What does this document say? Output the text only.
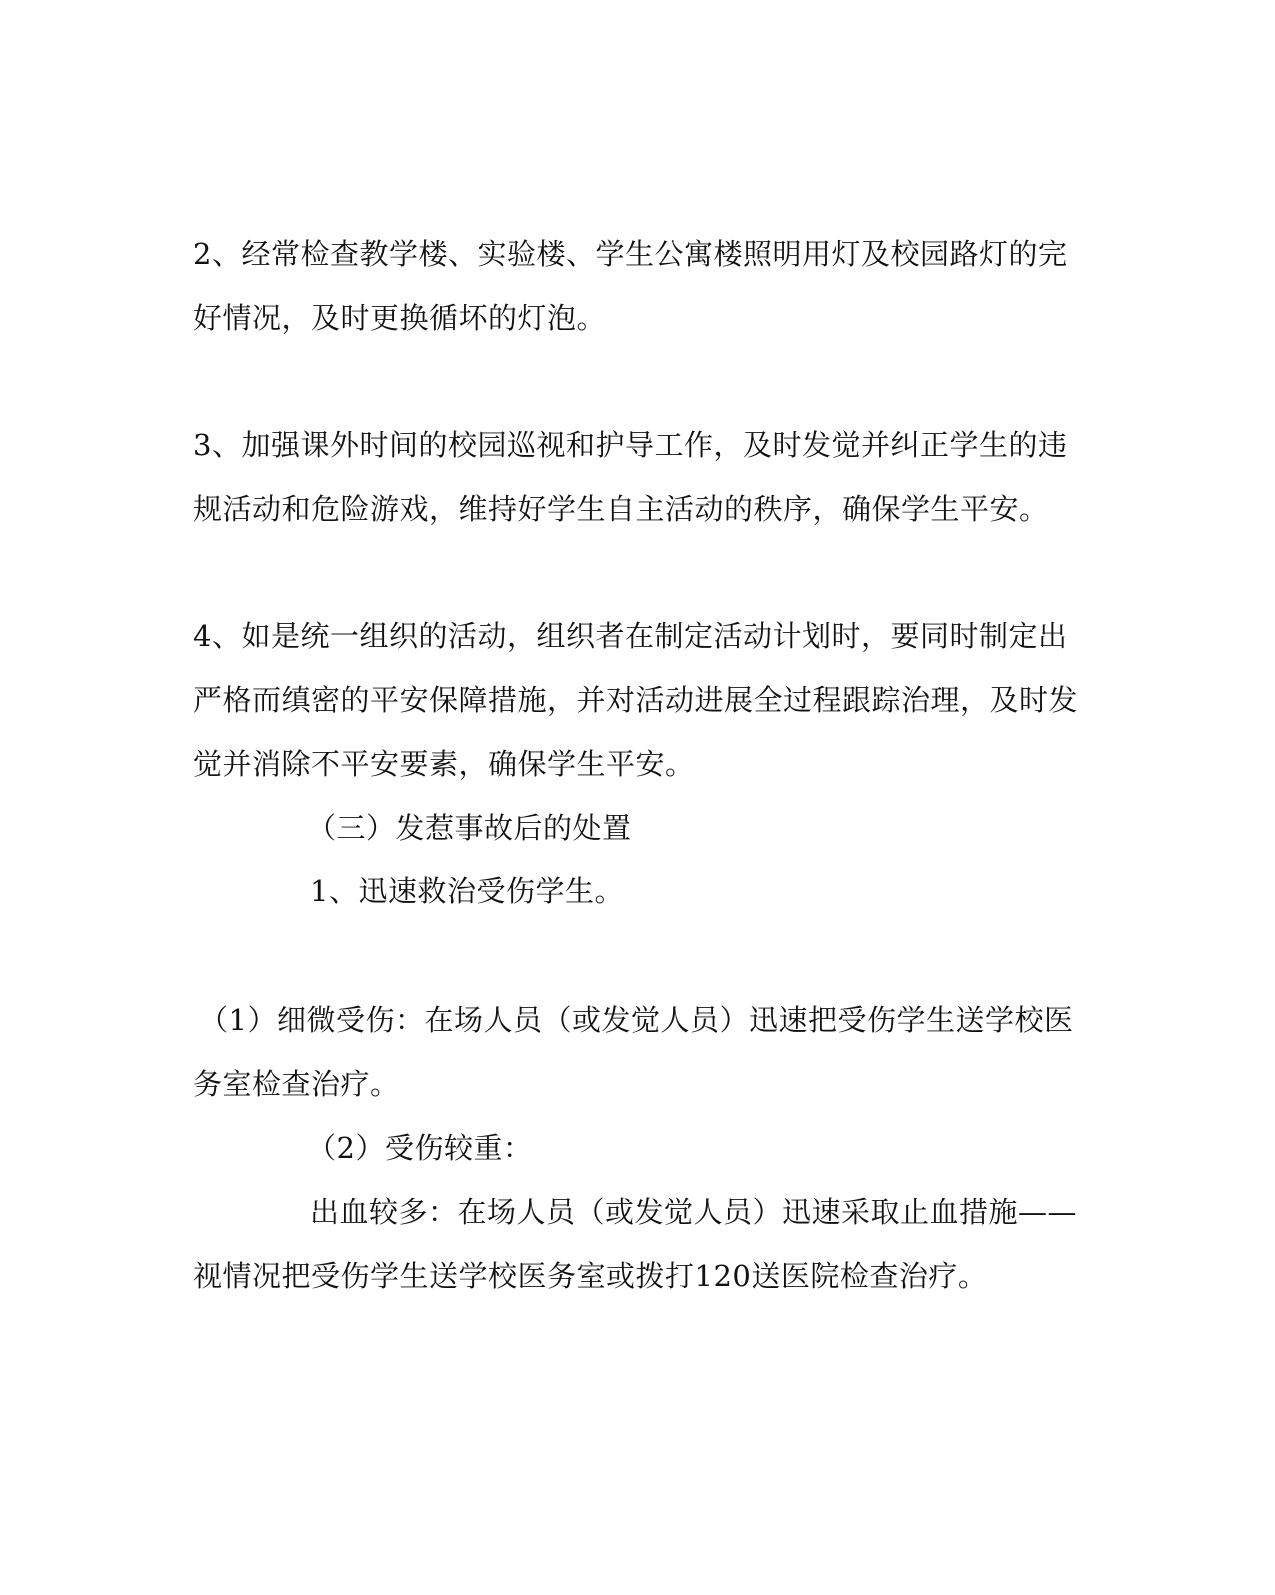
2、经常检查教学楼、实验楼、学生公寓楼照明用灯及校园路灯的完
好情况，及时更换循坏的灯泡。
3、加强课外时间的校园巡视和护导工作，及时发觉并纠正学生的违
规活动和危险游戏，维持好学生自主活动的秩序，确保学生平安。
4、如是统一组织的活动，组织者在制定活动计划时，要同时制定出
严格而缜密的平安保障措施，并对活动进展全过程跟踪治理，及时发
觉并消除不平安要素，确保学生平安。
（三）发惹事故后的处置
1、迅速救治受伤学生。
（1）细微受伤：在场人员（或发觉人员）迅速把受伤学生送学校医
务室检查治疗。
（2）受伤较重：
出血较多：在场人员（或发觉人员）迅速采取止血措施——
视情况把受伤学生送学校医务室或拨打120送医院检查治疗。
